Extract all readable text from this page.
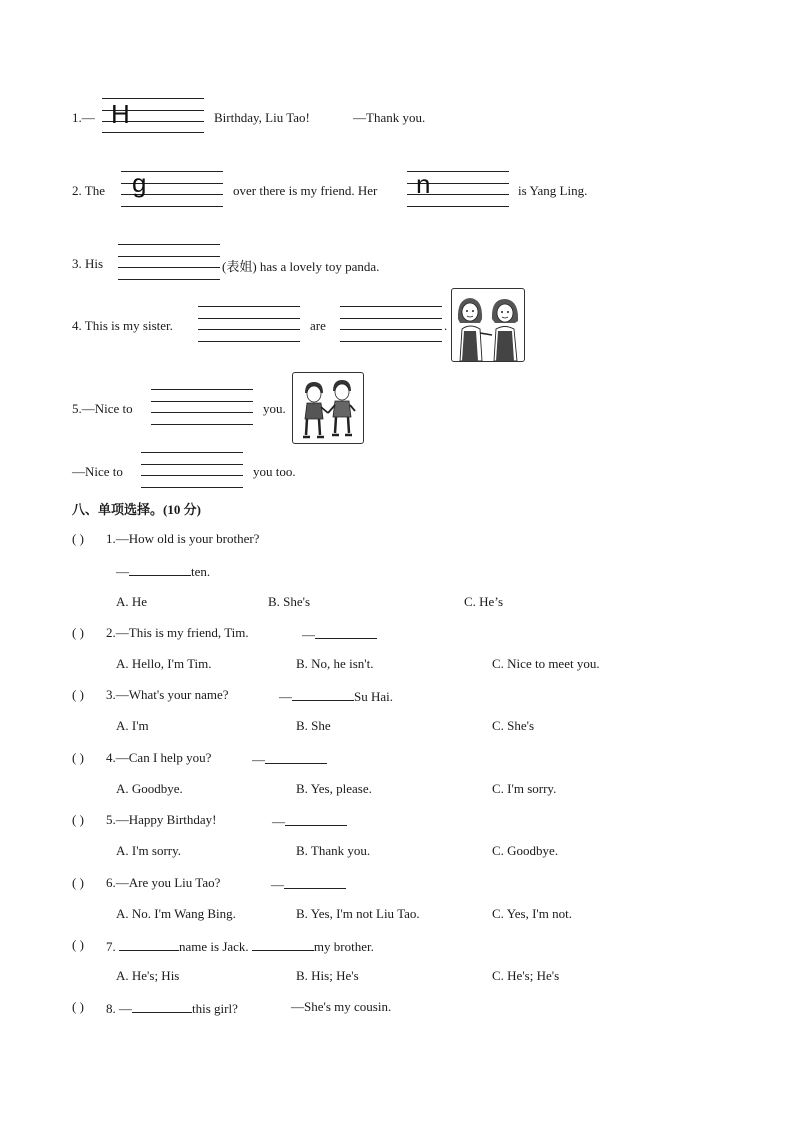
1.— H	Birthday, Liu Tao!	—Thank you.
2. The g	over there is my friend. Her n	is Yang Ling.
3. His	(表姐) has a lovely toy panda.
4. This is my sister.	are	.
5.—Nice to	you.
—Nice to	you too.
八、单项选择。(10 分)
( ) 1.—How old is your brother?
—	ten.
A. He	B. She's	C. He’s
( ) 2.—This is my friend, Tim.	—
A. Hello, I'm Tim.	B. No, he isn't.	C. Nice to meet you.
( ) 3.—What's your name?	—	Su Hai.
A. I'm	B. She	C. She's
( ) 4.—Can I help you?	—
A. Goodbye.	B. Yes, please.	C. I'm sorry.
( ) 5.—Happy Birthday!	—
A. I'm sorry.	B. Thank you.	C. Goodbye.
( ) 6.—Are you Liu Tao?	—
A. No. I'm Wang Bing.	B. Yes, I'm not Liu Tao.	C. Yes, I'm not.
( ) 7.	name is Jack.	my brother.
A. He's; His	B. His; He's	C. He's; He's
( ) 8. —	this girl?	—She's my cousin.
